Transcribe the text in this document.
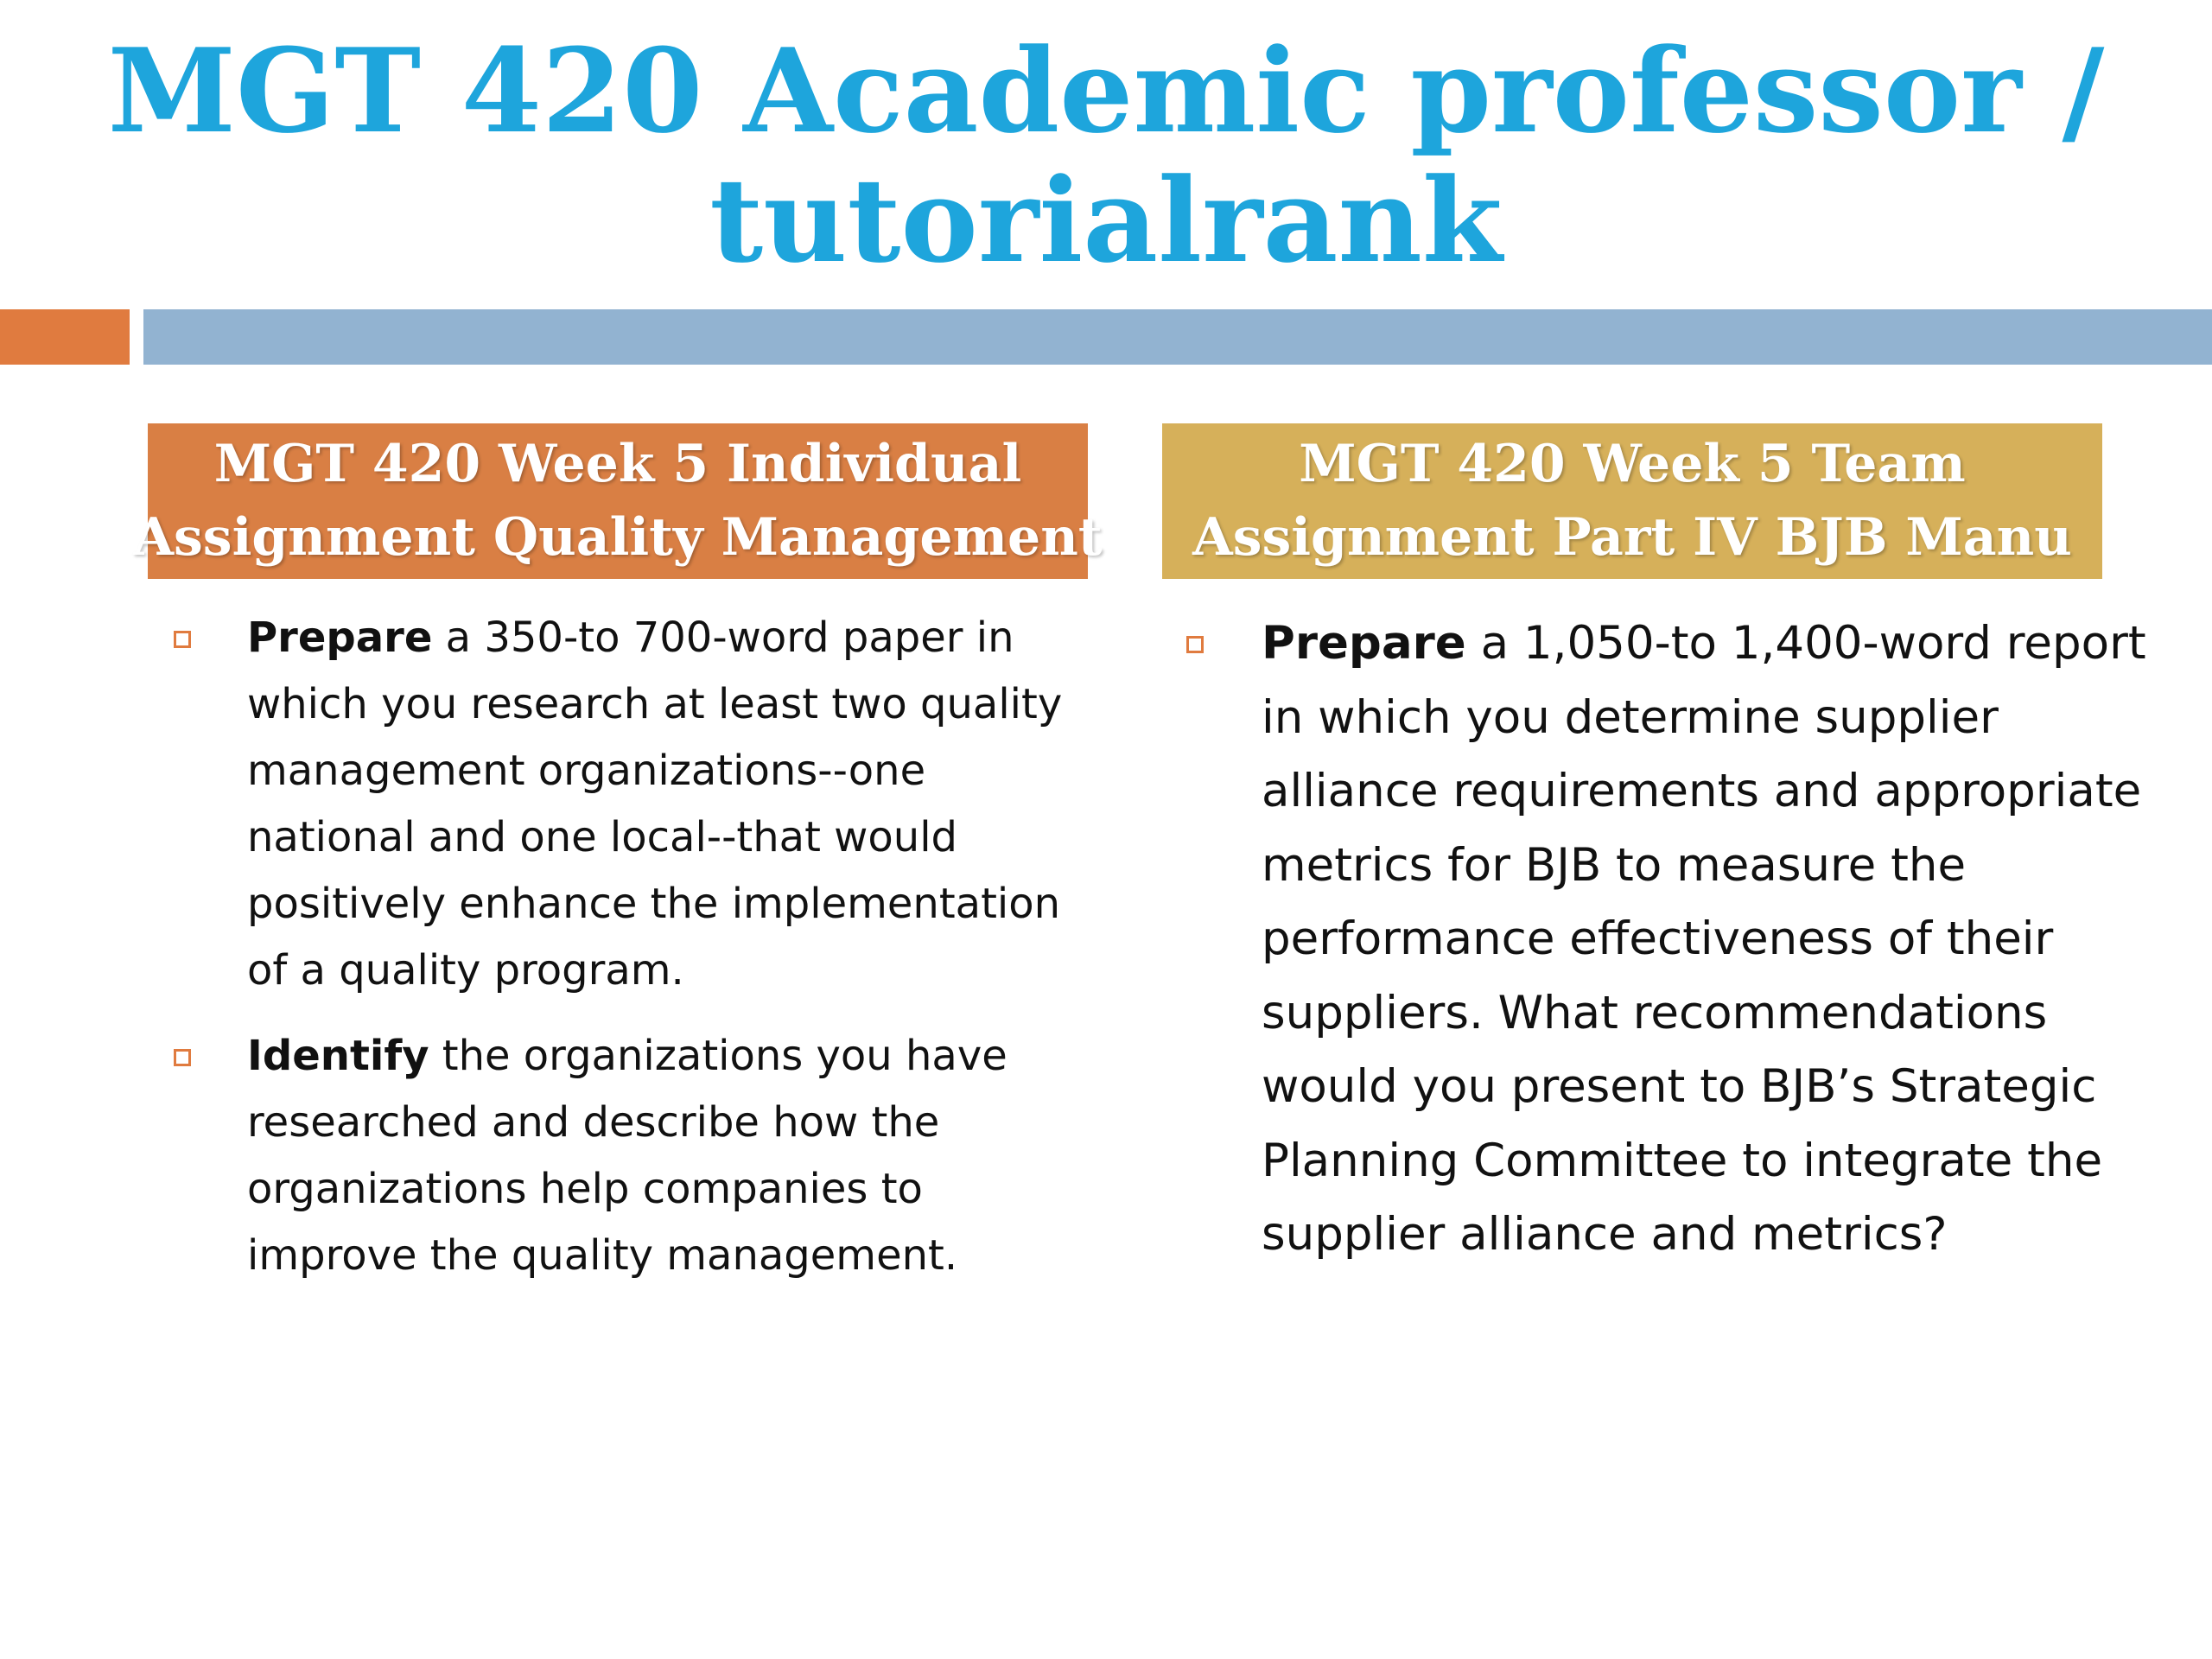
MGT 420 Academic professor /
tutorialrank
MGT 420 Week 5 Individual
Assignment Quality Management
MGT 420 Week 5 Team
Assignment Part IV BJB Manu
Prepare a 350-to 700-word paper in which you research at least two quality management organizations--one national and one local--that would positively enhance the implementation of a quality program.
Identify the organizations you have researched and describe how the organizations help companies to improve the quality management.
Prepare a 1,050-to 1,400-word report in which you determine supplier alliance requirements and appropriate metrics for BJB to measure the performance effectiveness of their suppliers. What recommendations would you present to BJB’s Strategic Planning Committee to integrate the supplier alliance and metrics?
